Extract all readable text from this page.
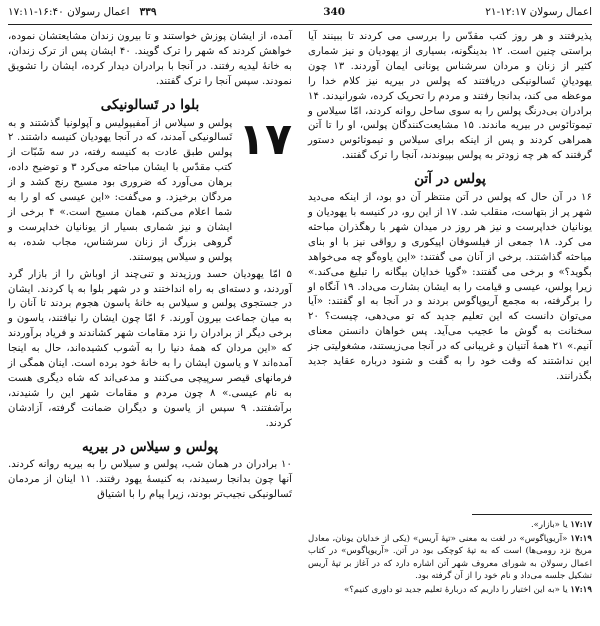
اعمال رسولان ۱۲:۱۷-۲۱                                          340
۳۳۹   اعمال رسولان ۱۶:۴۰-۱۷:۱۱

پذیرفتند و هر روز کتب مقدّس را بررسی می کردند تا ببینند آیا براستی چنین است. ۱۲ بدینگونه، بسیاری از یهودیان و نیز شماری کثیر از زنان و مردان سرشناس یونانی ایمان آوردند. ۱۳ چون یهودیانِ تَسالونیکی دریافتند که پولس در بیریه نیز کلام خدا را موعظه می کند، بدانجا رفتند و مردم را تحریک کرده، شورانیدند. ۱۴ برادران بی‌درنگ پولس را به سوی ساحل روانه کردند، امّا سیلاس و تیموتائوس در بیریه ماندند. ۱۵ مشایعت‌کنندگان پولس، او را تا آتن همراهی کردند و پس از اینکه برای سیلاس و تیموتائوس دستور گرفتند که هر چه زودتر به پولس بپیوندند، آنجا را ترک گفتند.

پولس در آتن

۱۶ در آن حال که پولس در آتن منتظر آن دو بود، از اینکه می‌دید شهر پر از بتهاست، منقلب شد. ۱۷ از این رو، در کنیسه با یهودیان و یونانیان خداپرست و نیز هر روز در میدان شهر با رهگذران مباحثه می کرد. ۱۸ جمعی از فیلسوفان اپیکوری و رواقی نیز با او بنای مباحثه گذاشتند. برخی از آنان می گفتند: «این یاوه‌گو چه می‌خواهد بگوید؟» و برخی می گفتند: «گویا خدایان بیگانه را تبلیغ می‌کند.» زیرا پولس، عیسی و قیامت را به ایشان بشارت می‌داد. ۱۹ آنگاه او را برگرفته، به مجمع آریوپاگوس بردند و در آنجا به او گفتند: «آیا می‌توان دانست که این تعلیم جدید که تو می‌دهی، چیست؟ ۲۰ سخنانت به گوش ما عجیب می‌آید. پس خواهان دانستن معنای آنیم.» ۲۱ همهٔ آتنیان و غریبانی که در آنجا می‌زیستند، مشغولیتی جز این نداشتند که وقت خود را به گفت و شنود درباره عقاید جدید بگذرانند.

۱۷:۱۷ یا «بازار».

۱۷:۱۹ «آریوپاگوس» در لغت به معنی «تپهٔ آریس» (یکی از خدایان یونان، معادل مریخ نزد رومی‌ها) است که به تپهٔ کوچکی بود در آتن. «آریوپاگوس» در کتاب اعمال رسولان به شورای معروف شهر آتن اشاره دارد که در آغاز بر تپهٔ آریس تشکیل جلسه می‌داد و نام خود را از آن گرفته بود.

۱۷:۱۹ یا «به این اختیار را داریم که دربارهٔ تعلیم جدید تو داوری کنیم؟»

آمده، از ایشان پوزش خواستند و تا بیرون زندان مشایعتشان نموده، خواهش کردند که شهر را ترک گویند. ۴۰ ایشان پس از ترک زندان، به خانهٔ لیدیه رفتند. در آنجا با برادران دیدار کرده، ایشان را تشویق نمودند. سپس آنجا را ترک گفتند.

بلوا در تَسالونیکی
۱۷

پولس و سیلاس از آمفیپولیس و آپولونیا گذشتند و به تَسالونیکی آمدند، که در آنجا یهودیان کنیسه داشتند. ۲ پولس طبق عادت به کنیسه رفته، در سه شَبّات از کتب مقدّس با ایشان مباحثه می‌کرد ۳ و توضیح داده، برهان می‌آورد که ضروری بود مسیح رنج کشد و از مردگان برخیزد. و می‌گفت: «این عیسی که او را به شما اعلام می‌کنم، همان مسیح است.» ۴ برخی از ایشان و نیز شماری بسیار از یونانیان خداپرست و گروهی بزرگ از زنان سرشناس، مجاب شده، به پولس و سیلاس پیوستند.

۵ امّا یهودیان حسد ورزیدند و تنی‌چند از اوباش را از بازار گرد آوردند، و دسته‌ای به راه انداختند و در شهر بلوا به پا کردند. ایشان در جستجوی پولس و سیلاس به خانهٔ یاسون هجوم بردند تا آنان را به میان جماعت بیرون آورند. ۶ امّا چون ایشان را نیافتند، یاسون و برخی دیگر از برادران را نزد مقامات شهر کشاندند و فریاد برآوردند که «این مردان که همهٔ دنیا را به آشوب کشیده‌اند، حال به اینجا آمده‌اند ۷ و یاسون ایشان را به خانهٔ خود برده است. اینان همگی از فرمانهای قیصر سرپیچی می‌کنند و مدعی‌اند که شاه دیگری هست به نام عیسی.» ۸ چون مردم و مقامات شهر این را شنیدند، برآشفتند. ۹ سپس از یاسون و دیگران ضمانت گرفته، آزادشان کردند.

پولس و سیلاس در بیریه

۱۰ برادران در همان شب، پولس و سیلاس را به بیریه روانه کردند. آنها چون بدانجا رسیدند، به کنیسهٔ یهود رفتند. ۱۱ اینان از مردمان تَسالونیکی نجیب‌تر بودند، زیرا پیام را با اشتیاق
